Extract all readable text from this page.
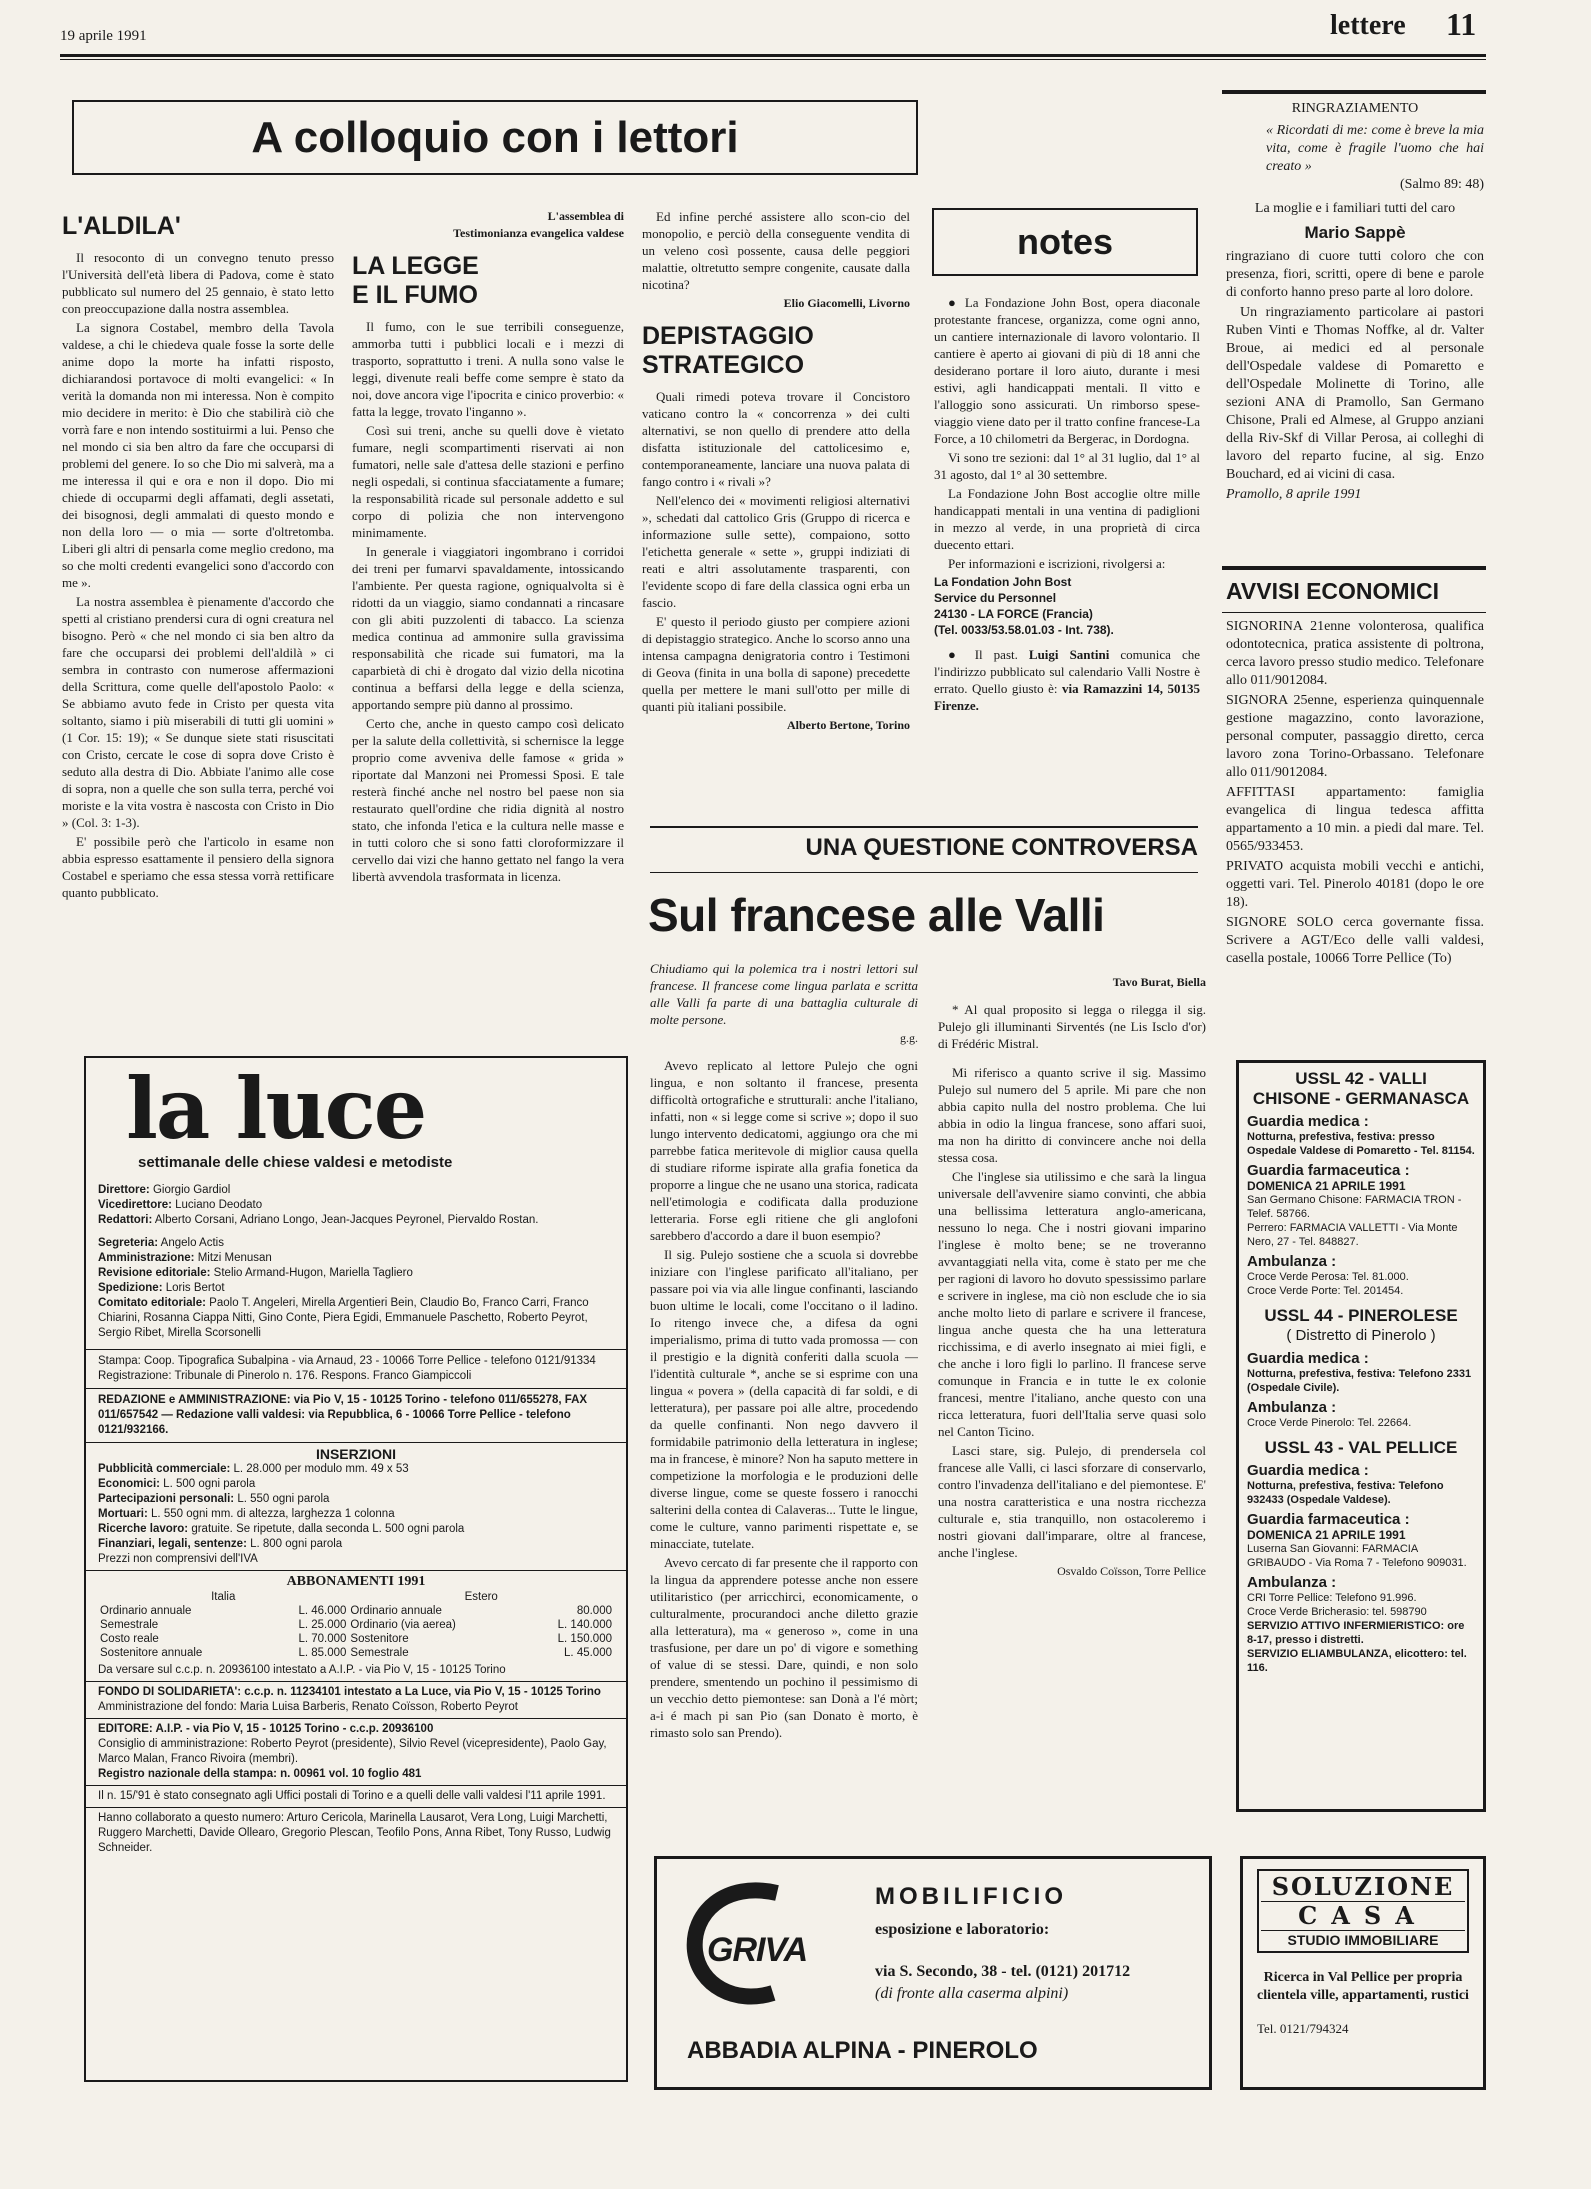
19 aprile 1991	lettere 11
A colloquio con i lettori
L'ALDILA'

Il resoconto di un convegno tenuto presso l'Università dell'età libera di Padova, come è stato pubblicato sul numero del 25 gennaio, è stato letto con preoccupazione dalla nostra assemblea.

La signora Costabel, membro della Tavola valdese, a chi le chiedeva quale fosse la sorte delle anime dopo la morte ha infatti risposto, dichiarandosi portavoce di molti evangelici: « In verità la domanda non mi interessa. Non è compito mio decidere in merito: è Dio che stabilirà ciò che vorrà fare e non intendo sostituirmi a lui. Penso che nel mondo ci sia ben altro da fare che occuparsi di problemi del genere. Io so che Dio mi salverà, ma a me interessa il qui e ora e non il dopo. Dio mi chiede di occuparmi degli affamati, degli assetati, dei bisognosi, degli ammalati di questo mondo e non della loro — o mia — sorte d'oltretomba. Liberi gli altri di pensarla come meglio credono, ma so che molti credenti evangelici sono d'accordo con me ».

La nostra assemblea è pienamente d'accordo che spetti al cristiano prendersi cura di ogni creatura nel bisogno. Però « che nel mondo ci sia ben altro da fare che occuparsi dei problemi dell'aldilà » ci sembra in contrasto con numerose affermazioni della Scrittura, come quelle dell'apostolo Paolo: « Se abbiamo avuto fede in Cristo per questa vita soltanto, siamo i più miserabili di tutti gli uomini » (1 Cor. 15: 19); « Se dunque siete stati risuscitati con Cristo, cercate le cose di sopra dove Cristo è seduto alla destra di Dio. Abbiate l'animo alle cose di sopra, non a quelle che son sulla terra, perché voi moriste e la vita vostra è nascosta con Cristo in Dio » (Col. 3: 1-3).

E' possibile però che l'articolo in esame non abbia espresso esattamente il pensiero della signora Costabel e speriamo che essa stessa vorrà rettificare quanto pubblicato.

L'assemblea di

Testimonianza evangelica valdese

LA LEGGE
E IL FUMO

Il fumo, con le sue terribili conseguenze, ammorba tutti i pubblici locali e i mezzi di trasporto, soprattutto i treni. A nulla sono valse le leggi, divenute reali beffe come sempre è stato da noi, dove ancora vige l'ipocrita e cinico proverbio: « fatta la legge, trovato l'inganno ».

Così sui treni, anche su quelli dove è vietato fumare, negli scompartimenti riservati ai non fumatori, nelle sale d'attesa delle stazioni e perfino negli ospedali, si continua sfacciatamente a fumare; la responsabilità ricade sul personale addetto e sul corpo di polizia che non intervengono minimamente.

In generale i viaggiatori ingombrano i corridoi dei treni per fumarvi spavaldamente, intossicando l'ambiente. Per questa ragione, ogniqualvolta si è ridotti da un viaggio, siamo condannati a rincasare con gli abiti puzzolenti di tabacco. La scienza medica continua ad ammonire sulla gravissima responsabilità che ricade sui fumatori, ma la caparbietà di chi è drogato dal vizio della nicotina continua a beffarsi della legge e della scienza, apportando sempre più danno al prossimo.

Certo che, anche in questo campo così delicato per la salute della collettività, si schernisce la legge proprio come avveniva delle famose « grida » riportate dal Manzoni nei Promessi Sposi. E tale resterà finché anche nel nostro bel paese non sia restaurato quell'ordine che ridia dignità al nostro stato, che infonda l'etica e la cultura nelle masse e in tutti coloro che si sono fatti cloroformizzare il cervello dai vizi che hanno gettato nel fango la vera libertà avvendola trasformata in licenza.

Ed infine perché assistere allo scon-cio del monopolio, e perciò della conseguente vendita di un veleno così possente, causa delle peggiori malattie, oltretutto sempre congenite, causate dalla nicotina?

Elio Giacomelli, Livorno

DEPISTAGGIO
STRATEGICO

Quali rimedi poteva trovare il Concistoro vaticano contro la « concorrenza » dei culti alternativi, se non quello di prendere atto della disfatta istituzionale del cattolicesimo e, contemporaneamente, lanciare una nuova palata di fango contro i « rivali »?

Nell'elenco dei « movimenti religiosi alternativi », schedati dal cattolico Gris (Gruppo di ricerca e informazione sulle sette), compaiono, sotto l'etichetta generale « sette », gruppi indiziati di reati e altri assolutamente trasparenti, con l'evidente scopo di fare della classica ogni erba un fascio.

E' questo il periodo giusto per compiere azioni di depistaggio strategico. Anche lo scorso anno una intensa campagna denigratoria contro i Testimoni di Geova (finita in una bolla di sapone) precedette quella per mettere le mani sull'otto per mille di quanti più italiani possibile.

Alberto Bertone, Torino

notes

● La Fondazione John Bost, opera diaconale protestante francese, organizza, come ogni anno, un cantiere internazionale di lavoro volontario. Il cantiere è aperto ai giovani di più di 18 anni che desiderano portare il loro aiuto, durante i mesi estivi, agli handicappati mentali. Il vitto e l'alloggio sono assicurati. Un rimborso spese-viaggio viene dato per il tratto confine francese-La Force, a 10 chilometri da Bergerac, in Dordogna.

Vi sono tre sezioni: dal 1° al 31 luglio, dal 1° al 31 agosto, dal 1° al 30 settembre.

La Fondazione John Bost accoglie oltre mille handicappati mentali in una ventina di padiglioni in mezzo al verde, in una proprietà di circa duecento ettari.

Per informazioni e iscrizioni, rivolgersi a:

La Fondation John Bost
Service du Personnel
24130 - LA FORCE (Francia)
(Tel. 0033/53.58.01.03 - Int. 738).

● Il past. Luigi Santini comunica che l'indirizzo pubblicato sul calendario Valli Nostre è errato. Quello giusto è: via Ramazzini 14, 50135 Firenze.

UNA QUESTIONE CONTROVERSA
Sul francese alle Valli

Chiudiamo qui la polemica tra i nostri lettori sul francese. Il francese come lingua parlata e scritta alle Valli fa parte di una battaglia culturale di molte persone.

g.g.

Avevo replicato al lettore Pulejo che ogni lingua, e non soltanto il francese, presenta difficoltà ortografiche e strutturali: anche l'italiano, infatti, non « si legge come si scrive »; dopo il suo lungo intervento dedicatomi, aggiungo ora che mi parrebbe fatica meritevole di miglior causa quella di studiare riforme ispirate alla grafia fonetica da proporre a lingue che ne usano una storica, radicata nell'etimologia e codificata dalla produzione letteraria. Forse egli ritiene che gli anglofoni sarebbero d'accordo a dare il buon esempio?

Il sig. Pulejo sostiene che a scuola si dovrebbe iniziare con l'inglese parificato all'italiano, per passare poi via via alle lingue confinanti, lasciando buon ultime le locali, come l'occitano o il ladino. Io ritengo invece che, a difesa da ogni imperialismo, prima di tutto vada promossa — con il prestigio e la dignità conferiti dalla scuola — l'identità culturale *, anche se si esprime con una lingua « povera » (della capacità di far soldi, e di letteratura), per passare poi alle altre, procedendo da quelle confinanti. Non nego davvero il formidabile patrimonio della letteratura in inglese; ma in francese, è minore? Non ha saputo mettere in competizione la morfologia e le produzioni delle diverse lingue, come se queste fossero i ranocchi salterini della contea di Calaveras... Tutte le lingue, come le culture, vanno parimenti rispettate e, se minacciate, tutelate.

Avevo cercato di far presente che il rapporto con la lingua da apprendere potesse anche non essere utilitaristico (per arricchirci, economicamente, o culturalmente, procurandoci anche diletto grazie alla letteratura), ma « generoso », come in una trasfusione, per dare un po' di vigore e something of value di se stessi. Dare, quindi, e non solo prendere, smentendo un pochino il pessimismo di un vecchio detto piemontese: san Donà a l'é mòrt; a-i é mach pi san Pio (san Donato è morto, è rimasto solo san Prendo).

Tavo Burat, Biella

* Al qual proposito si legga o rilegga il sig. Pulejo gli illuminanti Sirventés (ne Lis Isclo d'or) di Frédéric Mistral.

Mi riferisco a quanto scrive il sig. Massimo Pulejo sul numero del 5 aprile. Mi pare che non abbia capito nulla del nostro problema. Che lui abbia in odio la lingua francese, sono affari suoi, ma non ha diritto di convincere anche noi della stessa cosa.

Che l'inglese sia utilissimo e che sarà la lingua universale dell'avvenire siamo convinti, che abbia una bellissima letteratura anglo-americana, nessuno lo nega. Che i nostri giovani imparino l'inglese è molto bene; se ne troveranno avvantaggiati nella vita, come è stato per me che per ragioni di lavoro ho dovuto spessissimo parlare e scrivere in inglese, ma ciò non esclude che io sia anche molto lieto di parlare e scrivere il francese, lingua anche questa che ha una letteratura ricchissima, e di averlo insegnato ai miei figli, e che anche i loro figli lo parlino. Il francese serve comunque in Francia e in tutte le ex colonie francesi, mentre l'italiano, anche questo con una ricca letteratura, fuori dell'Italia serve quasi solo nel Canton Ticino.

Lasci stare, sig. Pulejo, di prendersela col francese alle Valli, ci lasci sforzare di conservarlo, contro l'invadenza dell'italiano e del piemontese. E' una nostra caratteristica e una nostra ricchezza culturale e, stia tranquillo, non ostacoleremo i nostri giovani dall'imparare, oltre al francese, anche l'inglese.

Osvaldo Coïsson, Torre Pellice

RINGRAZIAMENTO
« Ricordati di me: come è breve la mia vita, come è fragile l'uomo che hai creato »
(Salmo 89: 48)
La moglie e i familiari tutti del caro
Mario Sappè

ringraziano di cuore tutti coloro che con presenza, fiori, scritti, opere di bene e parole di conforto hanno preso parte al loro dolore.

Un ringraziamento particolare ai pastori Ruben Vinti e Thomas Noffke, al dr. Valter Broue, ai medici ed al personale dell'Ospedale valdese di Pomaretto e dell'Ospedale Molinette di Torino, alle sezioni ANA di Pramollo, San Germano Chisone, Prali ed Almese, al Gruppo anziani della Riv-Skf di Villar Perosa, ai colleghi di lavoro del reparto fucine, al sig. Enzo Bouchard, ed ai vicini di casa.

Pramollo, 8 aprile 1991
AVVISI ECONOMICI

SIGNORINA 21enne volonterosa, qualifica odontotecnica, pratica assistente di poltrona, cerca lavoro presso studio medico. Telefonare allo 011/9012084.

SIGNORA 25enne, esperienza quinquennale gestione magazzino, conto lavorazione, personal computer, passaggio diretto, cerca lavoro zona Torino-Orbassano. Telefonare allo 011/9012084.

AFFITTASI appartamento: famiglia evangelica di lingua tedesca affitta appartamento a 10 min. a piedi dal mare. Tel. 0565/933453.

PRIVATO acquista mobili vecchi e antichi, oggetti vari. Tel. Pinerolo 40181 (dopo le ore 18).

SIGNORE SOLO cerca governante fissa. Scrivere a AGT/Eco delle valli valdesi, casella postale, 10066 Torre Pellice (To)

USSL 42 - VALLI
CHISONE - GERMANASCA
Guardia medica :
Notturna, prefestiva, festiva: presso Ospedale Valdese di Pomaretto - Tel. 81154.
Guardia farmaceutica :
DOMENICA 21 APRILE 1991
San Germano Chisone: FARMACIA TRON - Telef. 58766.
Perrero: FARMACIA VALLETTI - Via Monte Nero, 27 - Tel. 848827.
Ambulanza :
Croce Verde Perosa: Tel. 81.000.
Croce Verde Porte: Tel. 201454.
USSL 44 - PINEROLESE
( Distretto di Pinerolo )
Guardia medica :
Notturna, prefestiva, festiva: Telefono 2331 (Ospedale Civile).
Ambulanza :
Croce Verde Pinerolo: Tel. 22664.
USSL 43 - VAL PELLICE
Guardia medica :
Notturna, prefestiva, festiva: Telefono 932433 (Ospedale Valdese).
Guardia farmaceutica :
DOMENICA 21 APRILE 1991
Luserna San Giovanni: FARMACIA GRIBAUDO - Via Roma 7 - Telefono 909031.
Ambulanza :
CRI Torre Pellice: Telefono 91.996.
Croce Verde Bricherasio: tel. 598790
SERVIZIO ATTIVO INFERMIERISTICO: ore 8-17, presso i distretti.
SERVIZIO ELIAMBULANZA, elicottero: tel. 116.
la luce
settimanale delle chiese valdesi e metodiste
Direttore: Giorgio Gardiol
Vicedirettore: Luciano Deodato
Redattori: Alberto Corsani, Adriano Longo, Jean-Jacques Peyronel, Piervaldo Rostan.
Segreteria: Angelo Actis
Amministrazione: Mitzi Menusan
Revisione editoriale: Stelio Armand-Hugon, Mariella Tagliero
Spedizione: Loris Bertot
Comitato editoriale: Paolo T. Angeleri, Mirella Argentieri Bein, Claudio Bo, Franco Carri, Franco Chiarini, Rosanna Ciappa Nitti, Gino Conte, Piera Egidi, Emmanuele Paschetto, Roberto Peyrot, Sergio Ribet, Mirella Scorsonelli
Stampa: Coop. Tipografica Subalpina - via Arnaud, 23 - 10066 Torre Pellice - telefono 0121/91334
Registrazione: Tribunale di Pinerolo n. 176. Respons. Franco Giampiccoli
REDAZIONE e AMMINISTRAZIONE: via Pio V, 15 - 10125 Torino - telefono 011/655278, FAX 011/657542 — Redazione valli valdesi: via Repubblica, 6 - 10066 Torre Pellice - telefono 0121/932166.
INSERZIONI
Pubblicità commerciale: L. 28.000 per modulo mm. 49 x 53
Economici: L. 500 ogni parola
Partecipazioni personali: L. 550 ogni parola
Mortuari: L. 550 ogni mm. di altezza, larghezza 1 colonna
Ricerche lavoro: gratuite. Se ripetute, dalla seconda L. 500 ogni parola
Finanziari, legali, sentenze: L. 800 ogni parola
Prezzi non comprensivi dell'IVA
ABBONAMENTI 1991
Italia		Estero	
Ordinario annuale	L. 46.000	Ordinario annuale	80.000
Semestrale	L. 25.000	Ordinario (via aerea)	L. 140.000
Costo reale	L. 70.000	Sostenitore	L. 150.000
Sostenitore annuale	L. 85.000	Semestrale	L. 45.000
Da versare sul c.c.p. n. 20936100 intestato a A.I.P. - via Pio V, 15 - 10125 Torino
FONDO DI SOLIDARIETA': c.c.p. n. 11234101 intestato a La Luce, via Pio V, 15 - 10125 Torino
Amministrazione del fondo: Maria Luisa Barberis, Renato Coïsson, Roberto Peyrot
EDITORE: A.I.P. - via Pio V, 15 - 10125 Torino - c.c.p. 20936100
Consiglio di amministrazione: Roberto Peyrot (presidente), Silvio Revel (vicepresidente), Paolo Gay, Marco Malan, Franco Rivoira (membri).
Registro nazionale della stampa: n. 00961 vol. 10 foglio 481
Il n. 15/'91 è stato consegnato agli Uffici postali di Torino e a quelli delle valli valdesi l'11 aprile 1991.
Hanno collaborato a questo numero: Arturo Cericola, Marinella Lausarot, Vera Long, Luigi Marchetti, Ruggero Marchetti, Davide Ollearo, Gregorio Plescan, Teofilo Pons, Anna Ribet, Tony Russo, Ludwig Schneider.
GRIVA
MOBILIFICIO
esposizione e laboratorio:
via S. Secondo, 38 - tel. (0121) 201712
(di fronte alla caserma alpini)
ABBADIA ALPINA - PINEROLO
SOLUZIONE
CASA
STUDIO IMMOBILIARE
Ricerca in Val Pellice per propria clientela ville, appartamenti, rustici
Tel. 0121/794324
